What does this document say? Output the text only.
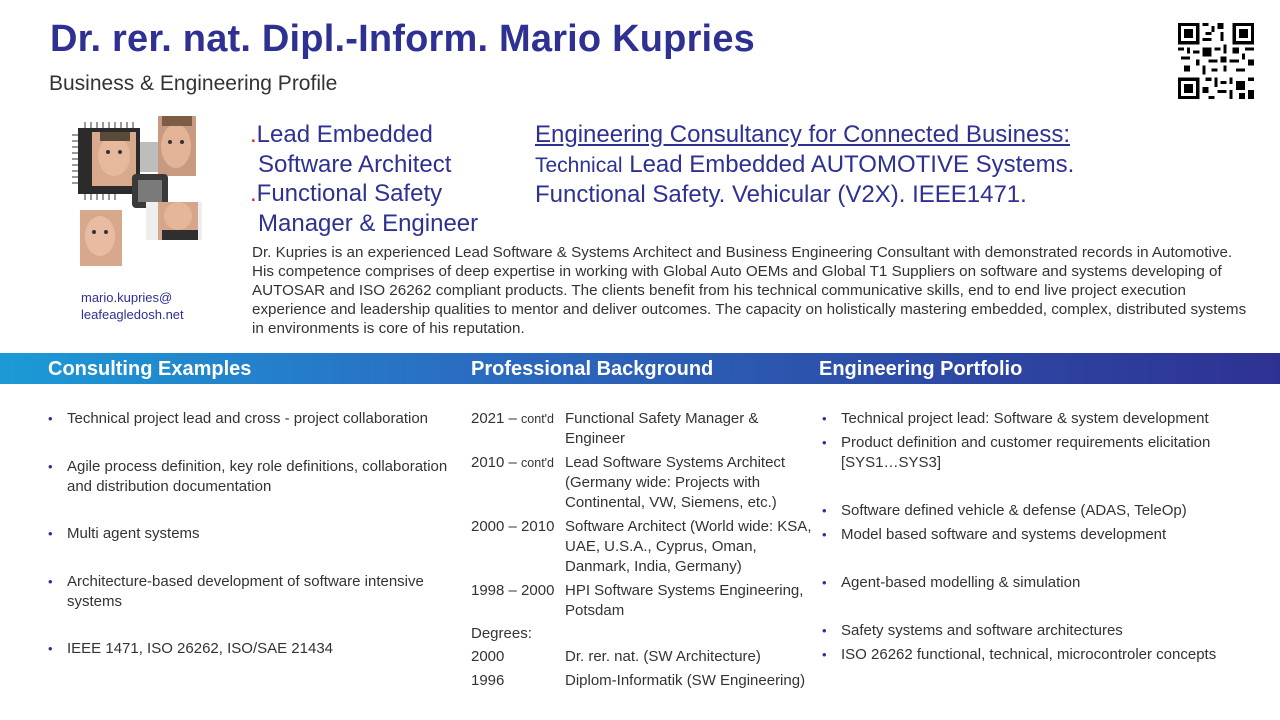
Dr. rer. nat. Dipl.-Inform. Mario Kupries
Business & Engineering Profile
mario.kupries@
leafeagledosh.net
.Lead Embedded
Software Architect
.Functional Safety
Manager & Engineer
Engineering Consultancy for Connected Business:
Technical Lead Embedded AUTOMOTIVE Systems.
Functional Safety. Vehicular (V2X). IEEE1471.
Dr. Kupries is an experienced Lead Software & Systems Architect and Business Engineering Consultant with demonstrated records in Automotive. His competence comprises of deep expertise in working with Global Auto OEMs and Global T1 Suppliers on software and systems developing of AUTOSAR and ISO 26262 compliant products. The clients benefit from his technical communicative skills, end to end live project execution experience and leadership qualities to mentor and deliver outcomes. The capacity on holistically mastering embedded, complex, distributed systems in environments is core of his reputation.
Consulting Examples	Professional Background	Engineering Portfolio
• Technical project lead and cross - project collaboration
• Agile process definition, key role definitions, collaboration and distribution documentation
• Multi agent systems
• Architecture-based development of software intensive systems
• IEEE 1471, ISO 26262, ISO/SAE 21434
2021 – cont'd Functional Safety Manager & Engineer
2010 – cont'd Lead Software Systems Architect (Germany wide: Projects with Continental, VW, Siemens, etc.)
2000 – 2010 Software Architect (World wide: KSA, UAE, U.S.A., Cyprus, Oman, Danmark, India, Germany)
1998 – 2000 HPI Software Systems Engineering, Potsdam
Degrees:
2000	Dr. rer. nat. (SW Architecture)
1996	Diplom-Informatik (SW Engineering)
• Technical project lead: Software & system development
• Product definition and customer requirements elicitation [SYS1…SYS3]
• Software defined vehicle & defense (ADAS, TeleOp)
• Model based software and systems development
• Agent-based modelling & simulation
• Safety systems and software architectures
• ISO 26262 functional, technical, microcontroler concepts
